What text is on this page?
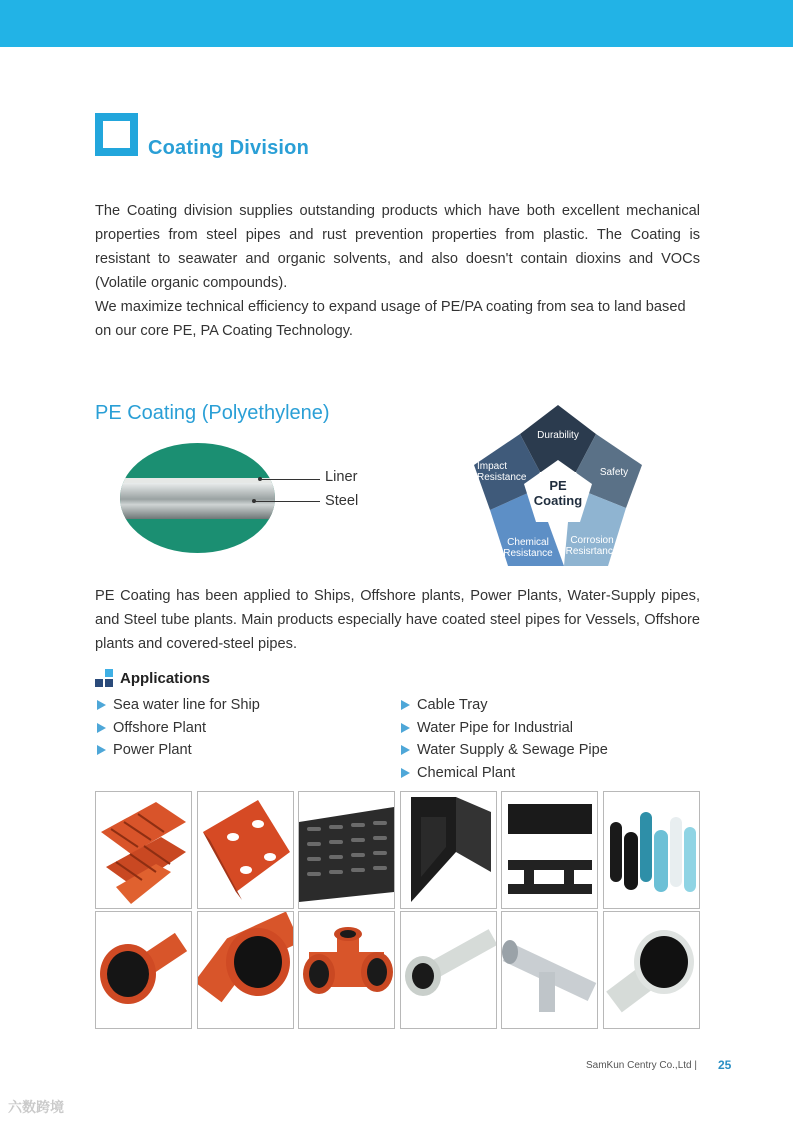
Coating Division

The Coating division supplies outstanding products which have both excellent mechanical properties from steel pipes and rust prevention properties from plastic. The Coating is resistant to seawater and organic solvents, and also doesn't contain dioxins and VOCs (Volatile organic compounds).

We maximize technical efficiency to expand usage of PE/PA coating from sea to land based on our core PE, PA Coating Technology.

PE Coating (Polyethylene)
Liner
Steel
Durability
Safety
Corrosion
Resisrtance
Chemical
Resistance
Impact
Resistance
PE
Coating
PE Coating has been applied to Ships, Offshore plants, Power Plants, Water-Supply pipes, and Steel tube plants. Main products especially have coated steel pipes for Vessels, Offshore plants and covered-steel pipes.
Applications
Sea water line for Ship
Offshore Plant
Power Plant
Cable Tray
Water Pipe for Industrial
Water Supply & Sewage Pipe
Chemical Plant
SamKun Centry Co.,Ltd | 25
六数跨境
